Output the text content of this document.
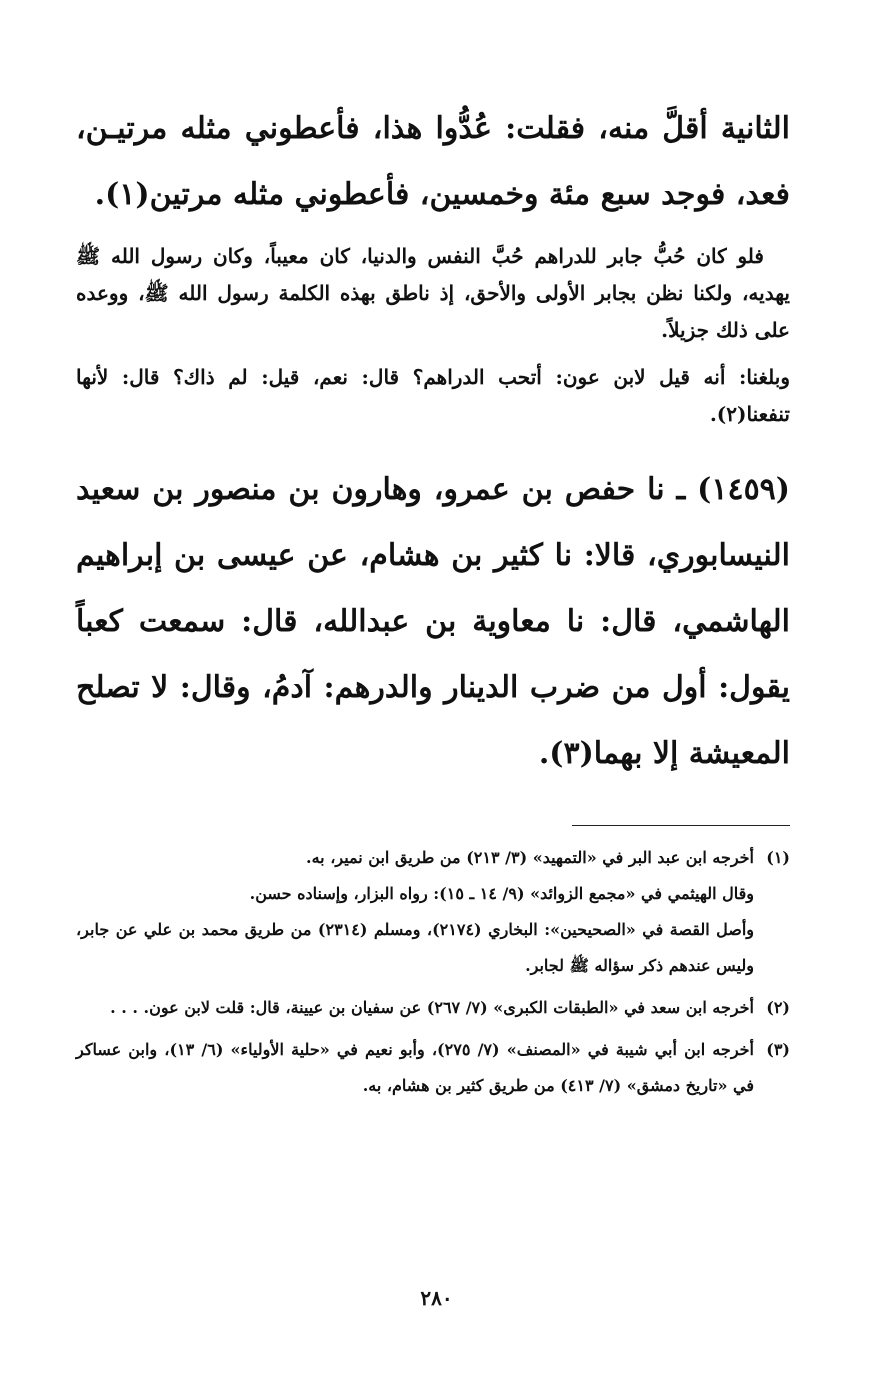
الثانية أقلَّ منه، فقلت: عُدُّوا هذا، فأعطوني مثله مرتيـن، فعد، فوجد سبع مئة وخمسين، فأعطوني مثله مرتين(١).

فلو كان حُبُّ جابر للدراهم حُبَّ النفس والدنيا، كان معيباً، وكان رسول الله ﷺ يهديه، ولكنا نظن بجابر الأولى والأحق، إذ ناطق بهذه الكلمة رسول الله ﷺ، ووعده على ذلك جزيلاً.

وبلغنا: أنه قيل لابن عون: أتحب الدراهم؟ قال: نعم، قيل: لم ذاك؟ قال: لأنها تنفعنا(٢).

(١٤٥٩) ـ نا حفص بن عمرو، وهارون بن منصور بن سعيد النيسابوري، قالا: نا كثير بن هشام، عن عيسى بن إبراهيم الهاشمي، قال: نا معاوية بن عبدالله، قال: سمعت كعباً يقول: أول من ضرب الدينار والدرهم: آدمُ، وقال: لا تصلح المعيشة إلا بهما(٣).

(١)
أخرجه ابن عبد البر في «التمهيد» (٣/ ٢١٣) من طريق ابن نمير، به.
وقال الهيثمي في «مجمع الزوائد» (٩/ ١٤ ـ ١٥): رواه البزار، وإسناده حسن.
وأصل القصة في «الصحيحين»: البخاري (٢١٧٤)، ومسلم (٢٣١٤) من طريق محمد بن علي عن جابر، وليس عندهم ذكر سؤاله ﷺ لجابر.
(٢)
أخرجه ابن سعد في «الطبقات الكبرى» (٧/ ٢٦٧) عن سفيان بن عيينة، قال: قلت لابن عون. . . .
(٣)
أخرجه ابن أبي شيبة في «المصنف» (٧/ ٢٧٥)، وأبو نعيم في «حلية الأولياء» (٦/ ١٣)، وابن عساكر في «تاريخ دمشق» (٧/ ٤١٣) من طريق كثير بن هشام، به.
٢٨٠
